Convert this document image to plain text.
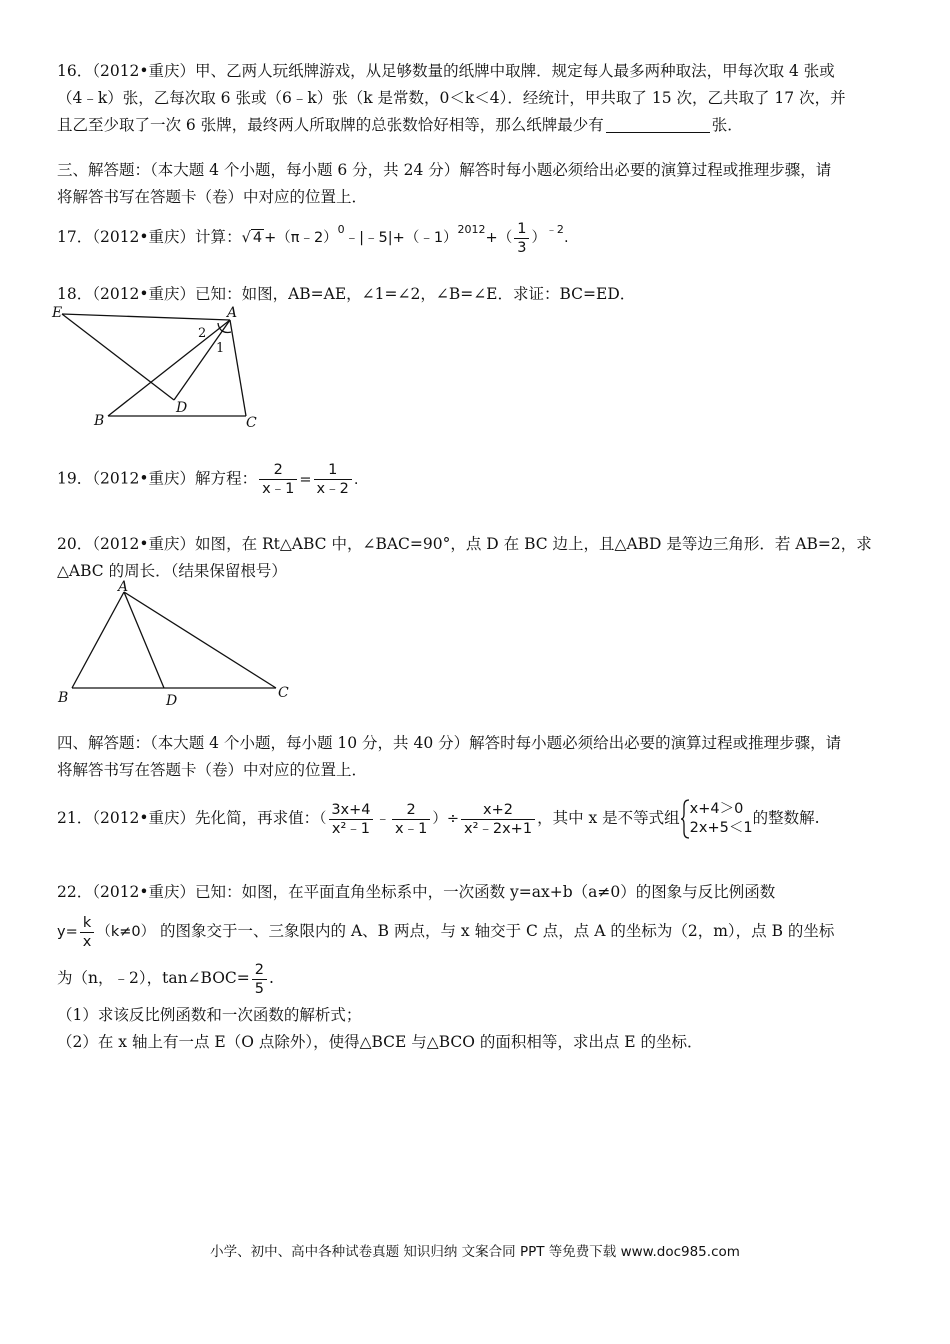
16．（2012•重庆）甲、乙两人玩纸牌游戏，从足够数量的纸牌中取牌．规定每人最多两种取法，甲每次取 4 张或
（4﹣k）张，乙每次取 6 张或（6﹣k）张（k 是常数，0＜k＜4）．经统计，甲共取了 15 次，乙共取了 17 次，并
且乙至少取了一次 6 张牌，最终两人所取牌的总张数恰好相等，那么纸牌最少有	张．
三、解答题：（本大题 4 个小题，每小题 6 分，共 24 分）解答时每小题必须给出必要的演算过程或推理步骤，请
将解答书写在答题卡（卷）中对应的位置上．
17．（2012•重庆）计算：√ 4 +（π﹣2）$^0$﹣|﹣5|+（﹣1）$^{2012}$+（ $\frac{1}{3} )^{﹣2}$.
18．（2012•重庆）已知：如图，AB=AE，∠1=∠2，∠B=∠E．求证：BC=ED．
E	A
B	C
D
1
2
19．（2012•重庆）解方程： $\frac{2}{x﹣1} = \frac{1}{x﹣2}$ .
20．（2012•重庆）如图，在 Rt△ABC 中，∠BAC=90°，点 D 在 BC 边上，且△ABD 是等边三角形．若 AB=2，求
△ABC 的周长．（结果保留根号）
A
B	D	C
四、解答题：（本大题 4 个小题，每小题 10 分，共 40 分）解答时每小题必须给出必要的演算过程或推理步骤，请
将解答书写在答题卡（卷）中对应的位置上．
21．（2012•重庆）先化简，再求值：（ $\frac{3x+4}{\text{x²﹣1}}$ ﹣ $\frac{2}{x﹣1}$ ）÷ $\frac{x+2}{\text{x²﹣2x+1}}$ ，其中 x 是不等式组 x+4＞0
2x+5＜1
的整数解.
22．（2012•重庆）已知：如图，在平面直角坐标系中，一次函数 y=ax+b（a≠0）的图象与反比例函数
$y= \frac{k}{x} (k\ne 0)$ 的图象交于一、三象限内的 A、B 两点，与 x 轴交于 C 点，点 A 的坐标为（2，m），点 B 的坐标
为（n，﹣2），tan∠BOC= $\frac{2}{5}$ .
（1）求该反比例函数和一次函数的解析式；
（2）在 x 轴上有一点 E（O 点除外），使得△BCE 与△BCO 的面积相等，求出点 E 的坐标．
小学、初中、高中各种试卷真题 知识归纳 文案合同 PPT 等免费下载 www.doc985.com
